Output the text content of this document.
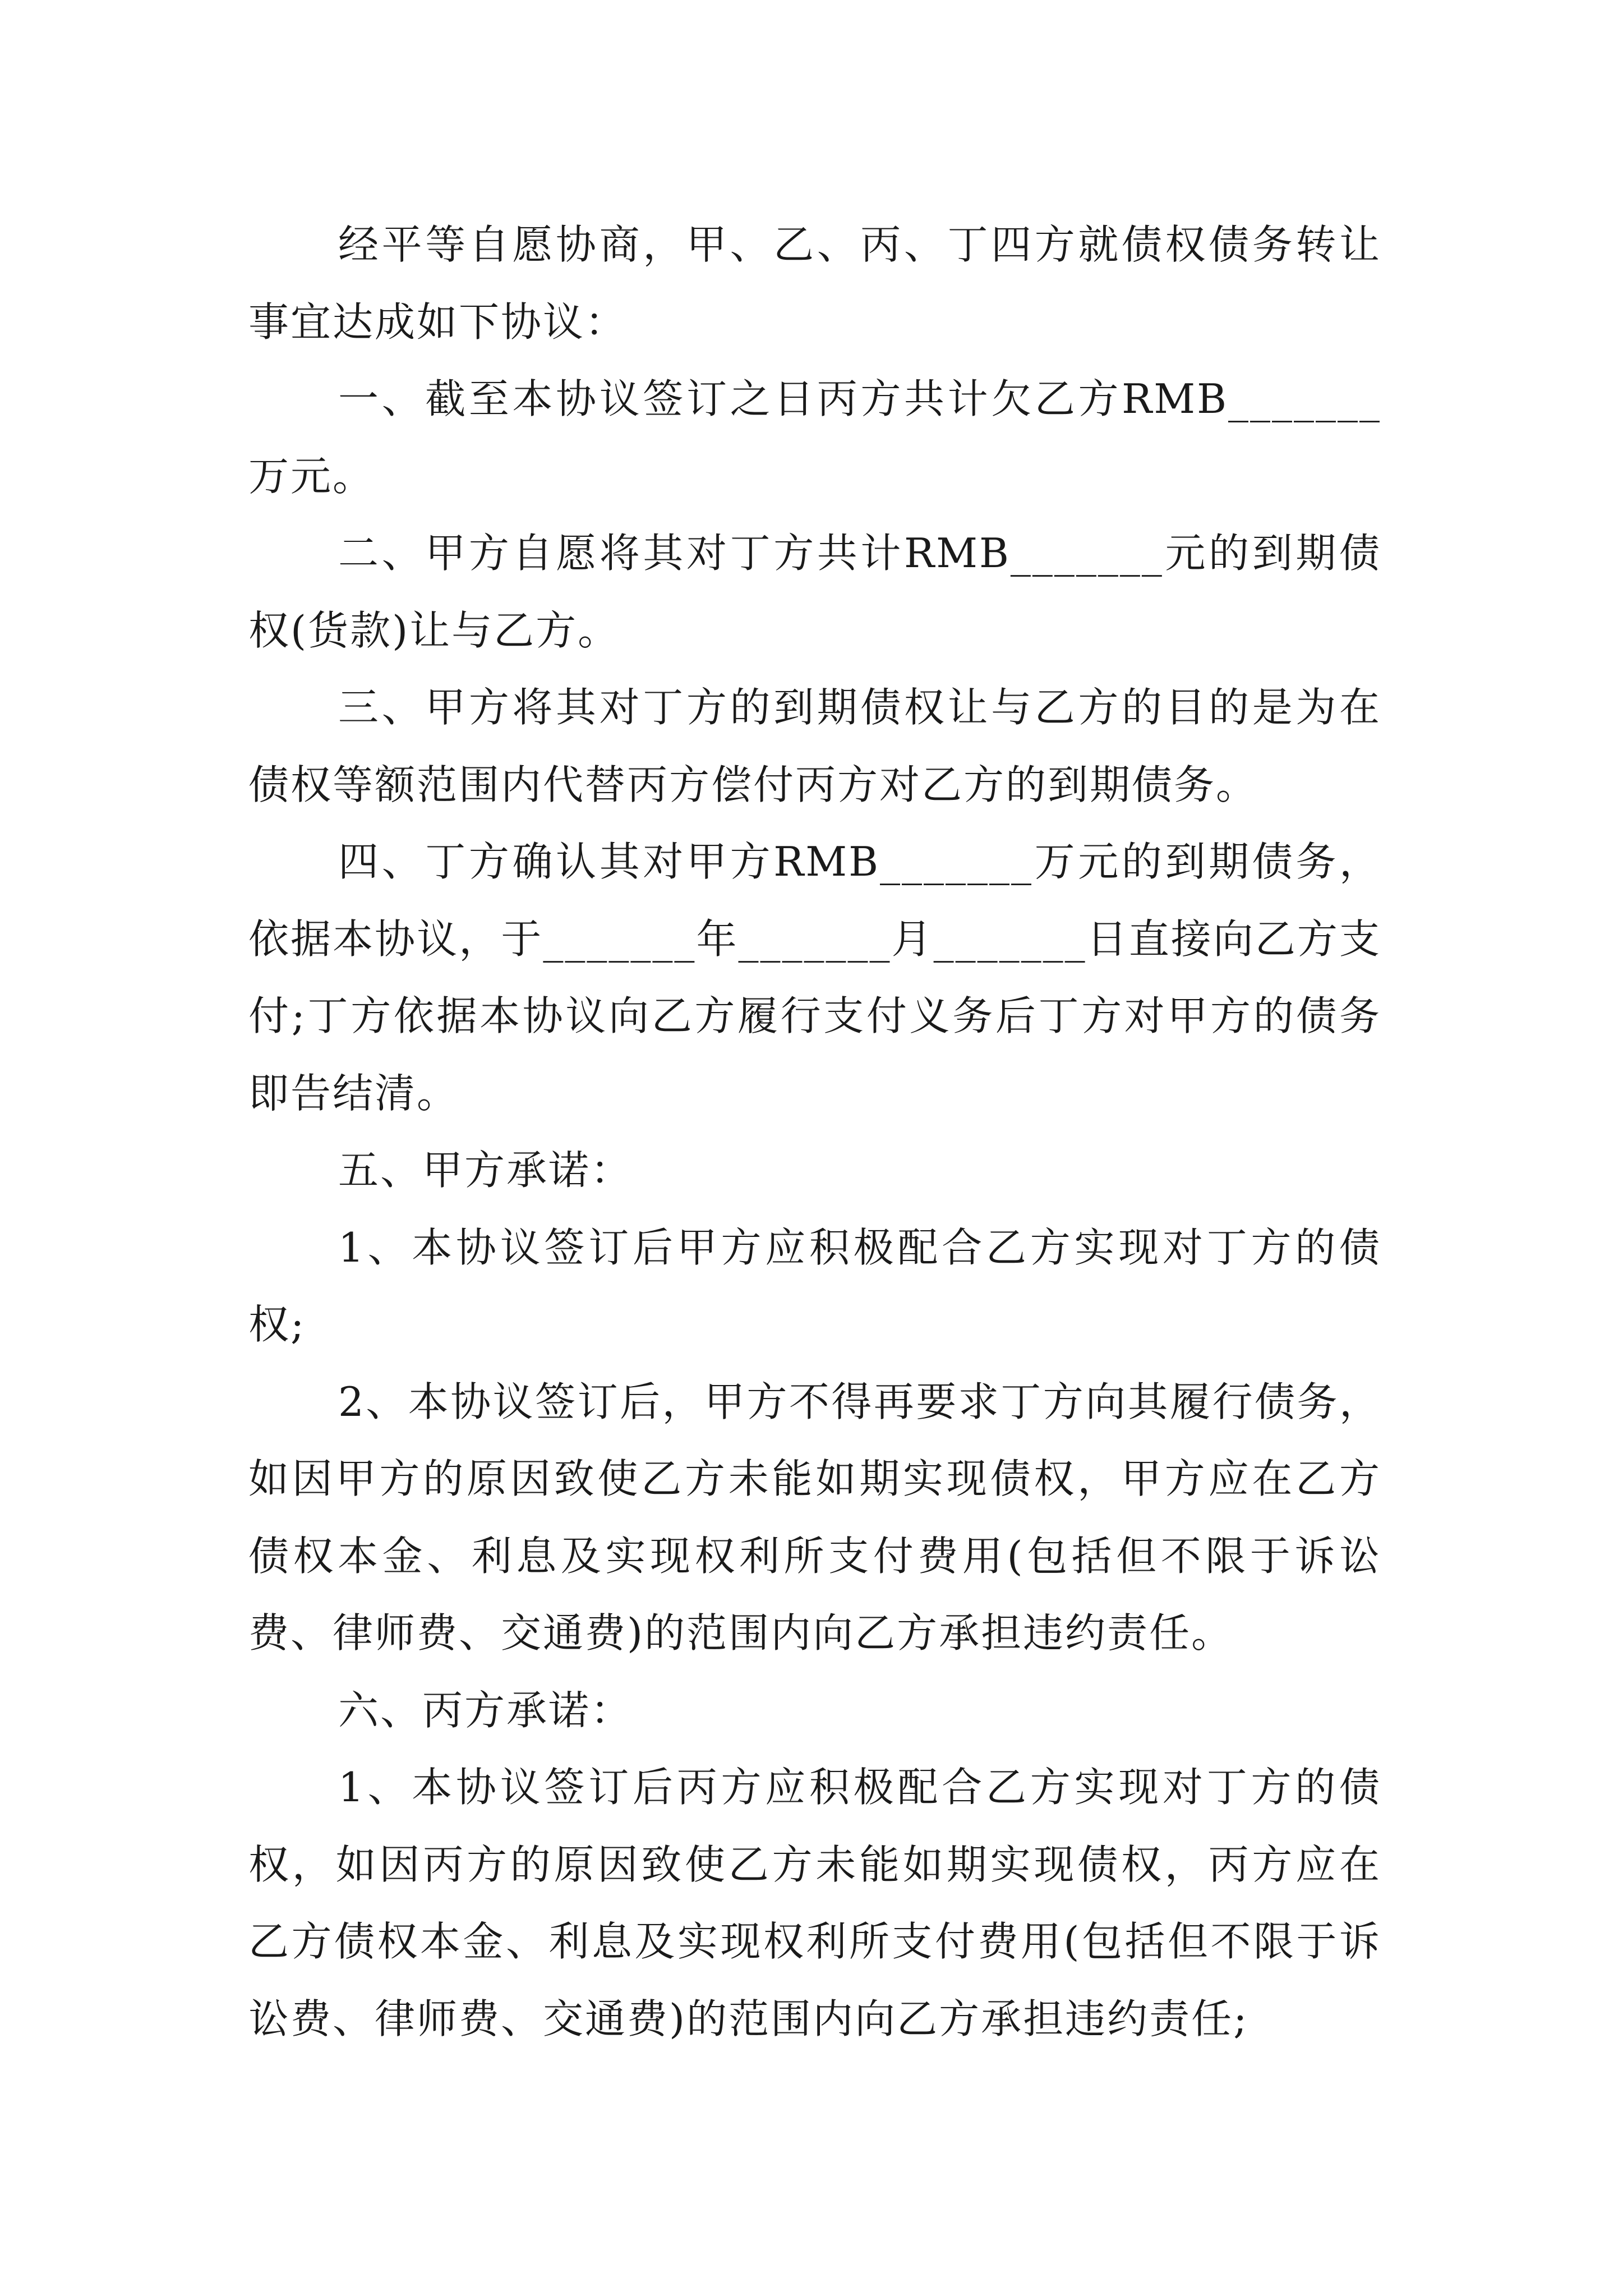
经平等自愿协商，甲、乙、丙、丁四方就债权债务转让事宜达成如下协议：

一、截至本协议签订之日丙方共计欠乙方RMB_______万元。

二、甲方自愿将其对丁方共计RMB_______元的到期债权(货款)让与乙方。

三、甲方将其对丁方的到期债权让与乙方的目的是为在债权等额范围内代替丙方偿付丙方对乙方的到期债务。

四、丁方确认其对甲方RMB_______万元的到期债务，依据本协议，于_______年_______月_______日直接向乙方支付;丁方依据本协议向乙方履行支付义务后丁方对甲方的债务即告结清。

五、甲方承诺：

1、本协议签订后甲方应积极配合乙方实现对丁方的债权;

2、本协议签订后，甲方不得再要求丁方向其履行债务，如因甲方的原因致使乙方未能如期实现债权，甲方应在乙方债权本金、利息及实现权利所支付费用(包括但不限于诉讼费、律师费、交通费)的范围内向乙方承担违约责任。

六、丙方承诺：

1、本协议签订后丙方应积极配合乙方实现对丁方的债权，如因丙方的原因致使乙方未能如期实现债权，丙方应在乙方债权本金、利息及实现权利所支付费用(包括但不限于诉讼费、律师费、交通费)的范围内向乙方承担违约责任;
